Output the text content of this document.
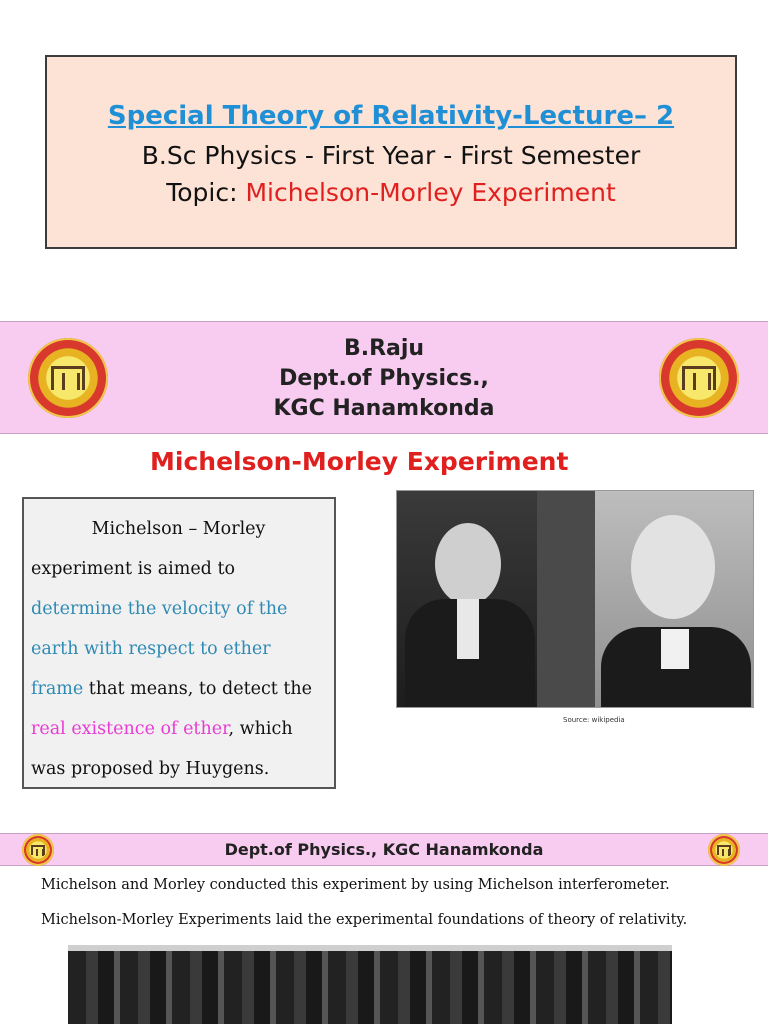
Special Theory of Relativity-Lecture– 2
B.Sc Physics - First Year - First Semester
Topic: Michelson-Morley Experiment
B.Raju
Dept.of Physics.,
KGC Hanamkonda
Michelson-Morley Experiment
Michelson – Morley
experiment is aimed to
determine the velocity of the
earth with respect to ether
frame that means, to detect the
real existence of ether, which
was proposed by Huygens.
Source: wikipedia
Dept.of Physics., KGC Hanamkonda
Michelson and Morley conducted this experiment by using Michelson interferometer.
Michelson-Morley Experiments laid the experimental foundations of theory of relativity.
